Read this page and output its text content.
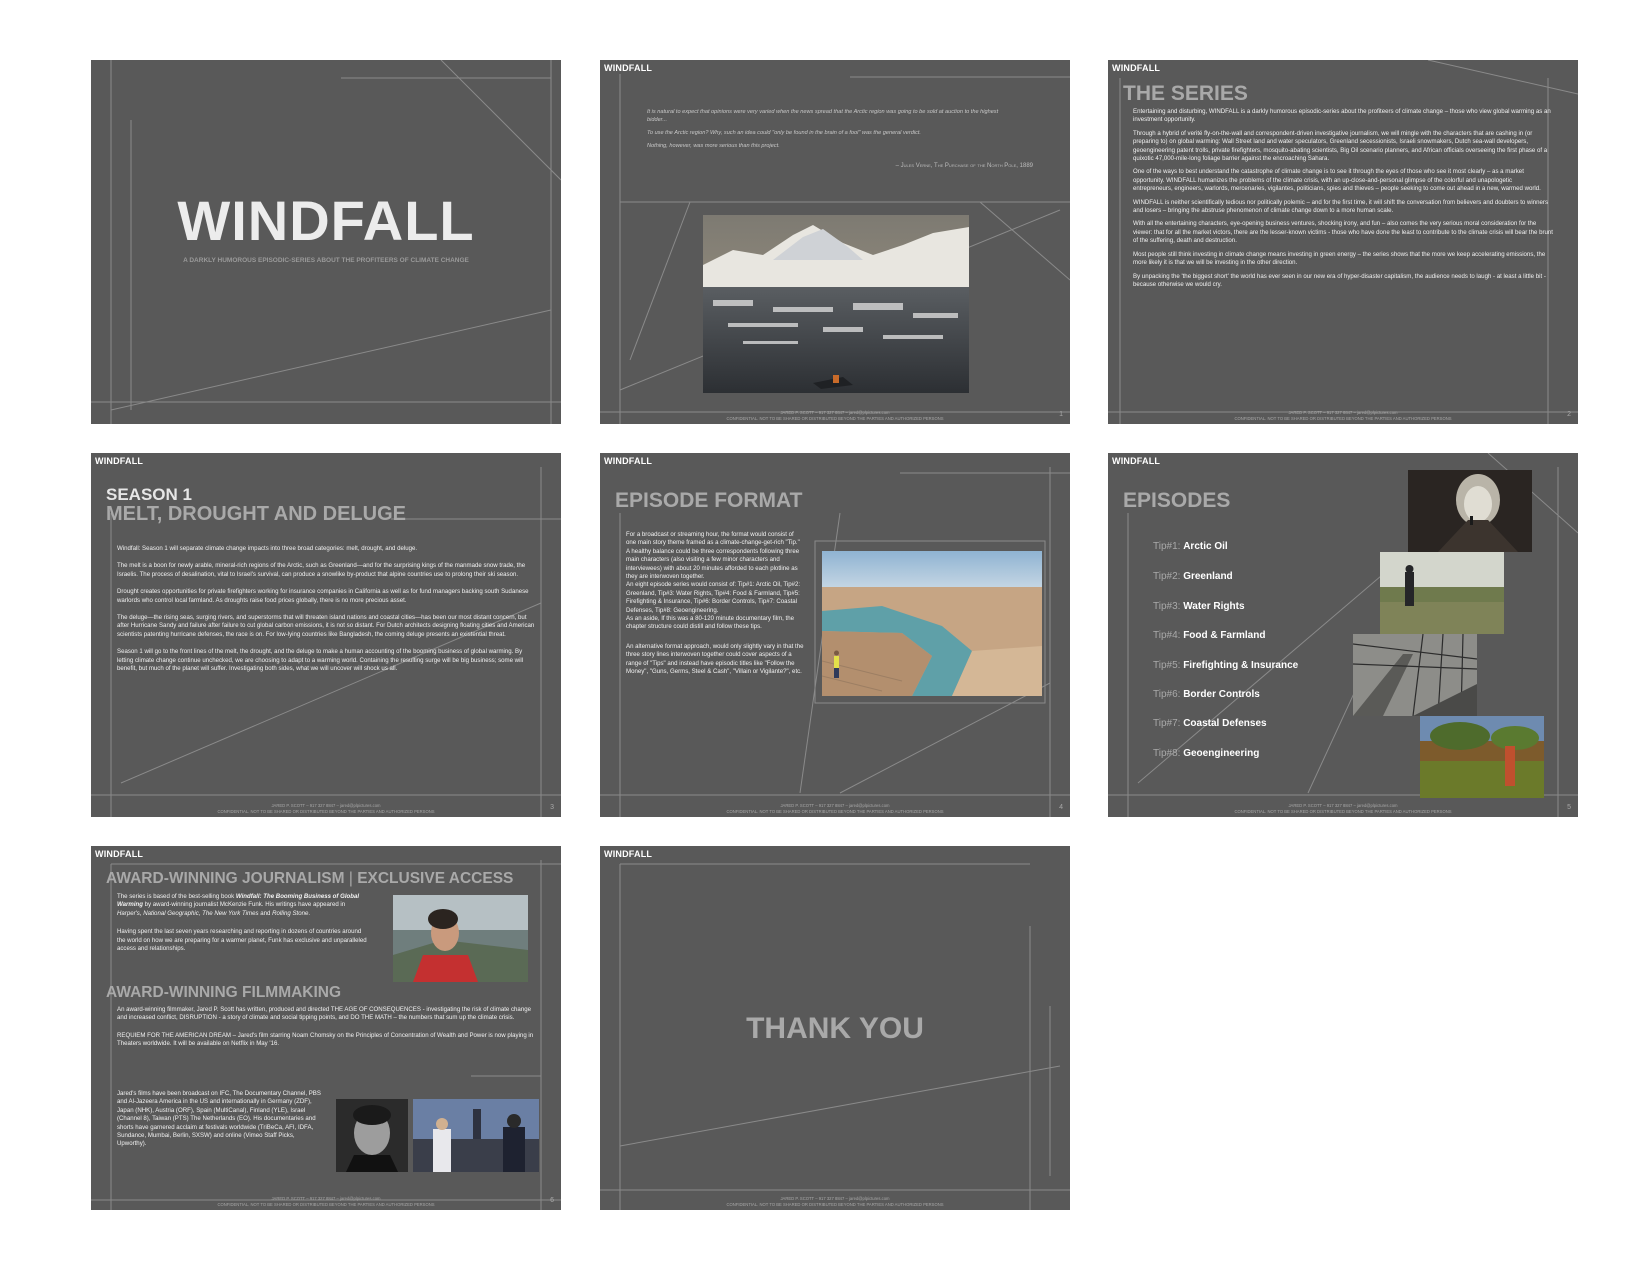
WINDFALL
A DARKLY HUMOROUS EPISODIC-SERIES ABOUT THE PROFITEERS OF CLIMATE CHANGE
WINDFALL
It is natural to expect that opinions were very varied when the news spread that the Arctic region was going to be sold at auction to the highest bidder...
To use the Arctic region? Why, such an idea could "only be found in the brain of a fool" was the general verdict.
Nothing, however, was more serious than this project.
– Jules Verne, The Purchase of the North Pole, 1889
JARED P. SCOTT – 917 327 8847 – jared@plpictures.com
CONFIDENTIAL. NOT TO BE SHARED OR DISTRIBUTED BEYOND THE PARTIES AND AUTHORIZED PERSONS	1
WINDFALL
THE SERIES

Entertaining and disturbing, WINDFALL is a darkly humorous episodic-series about the profiteers of climate change – those who view global warming as an investment opportunity.

Through a hybrid of verité fly-on-the-wall and correspondent-driven investigative journalism, we will mingle with the characters that are cashing in (or preparing to) on global warming: Wall Street land and water speculators, Greenland secessionists, Israeli snowmakers, Dutch sea-wall developers, geoengineering patent trolls, private firefighters, mosquito-abating scientists, Big Oil scenario planners, and African officials overseeing the first phase of a quixotic 47,000-mile-long foliage barrier against the encroaching Sahara.

One of the ways to best understand the catastrophe of climate change is to see it through the eyes of those who see it most clearly – as a market opportunity. WINDFALL humanizes the problems of the climate crisis, with an up-close-and-personal glimpse of the colorful and unapologetic entrepreneurs, engineers, warlords, mercenaries, vigilantes, politicians, spies and thieves – people seeking to come out ahead in a new, warmed world.

WINDFALL is neither scientifically tedious nor politically polemic – and for the first time, it will shift the conversation from believers and doubters to winners and losers – bringing the abstruse phenomenon of climate change down to a more human scale.

With all the entertaining characters, eye-opening business ventures, shocking irony, and fun – also comes the very serious moral consideration for the viewer: that for all the market victors, there are the lesser-known victims - those who have done the least to contribute to the climate crisis will bear the brunt of the suffering, death and destruction.

Most people still think investing in climate change means investing in green energy – the series shows that the more we keep accelerating emissions, the more likely it is that we will be investing in the other direction.

By unpacking the 'the biggest short' the world has ever seen in our new era of hyper-disaster capitalism, the audience needs to laugh - at least a little bit - because otherwise we would cry.

JARED P. SCOTT – 917 327 8847 – jared@plpictures.com
CONFIDENTIAL. NOT TO BE SHARED OR DISTRIBUTED BEYOND THE PARTIES AND AUTHORIZED PERSONS	2
WINDFALL
SEASON 1
MELT, DROUGHT AND DELUGE

Windfall: Season 1 will separate climate change impacts into three broad categories: melt, drought, and deluge.

The melt is a boon for newly arable, mineral-rich regions of the Arctic, such as Greenland—and for the surprising kings of the manmade snow trade, the Israelis. The process of desalination, vital to Israel's survival, can produce a snowlike by-product that alpine countries use to prolong their ski season.

Drought creates opportunities for private firefighters working for insurance companies in California as well as for fund managers backing south Sudanese warlords who control local farmland. As droughts raise food prices globally, there is no more precious asset.

The deluge—the rising seas, surging rivers, and superstorms that will threaten island nations and coastal cities—has been our most distant concern, but after Hurricane Sandy and failure after failure to cut global carbon emissions, it is not so distant. For Dutch architects designing floating cities and American scientists patenting hurricane defenses, the race is on. For low-lying countries like Bangladesh, the coming deluge presents an existential threat.

Season 1 will go to the front lines of the melt, the drought, and the deluge to make a human accounting of the booming business of global warming. By letting climate change continue unchecked, we are choosing to adapt to a warming world. Containing the resulting surge will be big business; some will benefit, but much of the planet will suffer. Investigating both sides, what we will uncover will shock us all.

JARED P. SCOTT – 917 327 8847 – jared@plpictures.com
CONFIDENTIAL. NOT TO BE SHARED OR DISTRIBUTED BEYOND THE PARTIES AND AUTHORIZED PERSONS	3
WINDFALL
EPISODE FORMAT

For a broadcast or streaming hour, the format would consist of one main story theme framed as a climate-change-get-rich "Tip."
A healthy balance could be three correspondents following three main characters (also visiting a few minor characters and interviewees) with about 20 minutes afforded to each plotline as they are interwoven together.
An eight episode series would consist of: Tip#1: Arctic Oil, Tip#2: Greenland, Tip#3: Water Rights, Tip#4: Food & Farmland, Tip#5: Firefighting & Insurance, Tip#6: Border Controls, Tip#7: Coastal Defenses, Tip#8: Geoengineering.
As an aside, If this was a 80-120 minute documentary film, the chapter structure could distill and follow these tips.

An alternative format approach, would only slightly vary in that the three story lines interwoven together could cover aspects of a range of "Tips" and instead have episodic titles like "Follow the Money", "Guns, Germs, Steel & Cash", "Villain or Vigilante?", etc.

JARED P. SCOTT – 917 327 8847 – jared@plpictures.com
CONFIDENTIAL. NOT TO BE SHARED OR DISTRIBUTED BEYOND THE PARTIES AND AUTHORIZED PERSONS	4
WINDFALL
EPISODES
Tip#1: Arctic Oil
Tip#2: Greenland
Tip#3: Water Rights
Tip#4: Food & Farmland
Tip#5: Firefighting & Insurance
Tip#6: Border Controls
Tip#7: Coastal Defenses
Tip#8: Geoengineering
JARED P. SCOTT – 917 327 8847 – jared@plpictures.com
CONFIDENTIAL. NOT TO BE SHARED OR DISTRIBUTED BEYOND THE PARTIES AND AUTHORIZED PERSONS	5
WINDFALL
AWARD-WINNING JOURNALISM | EXCLUSIVE ACCESS

The series is based of the best-selling book Windfall: The Booming Business of Global Warming by award-winning journalist McKenzie Funk. His writings have appeared in Harper's, National Geographic, The New York Times and Rolling Stone.

Having spent the last seven years researching and reporting in dozens of countries around the world on how we are preparing for a warmer planet, Funk has exclusive and unparalleled access and relationships.

AWARD-WINNING FILMMAKING

An award-winning filmmaker, Jared P. Scott has written, produced and directed THE AGE OF CONSEQUENCES - investigating the risk of climate change and increased conflict, DISRUPTION - a story of climate and social tipping points, and DO THE MATH – the numbers that sum up the climate crisis.

REQUIEM FOR THE AMERICAN DREAM – Jared's film starring Noam Chomsky on the Principles of Concentration of Wealth and Power is now playing in Theaters worldwide. It will be available on Netflix in May '16.

Jared's films have been broadcast on IFC, The Documentary Channel, PBS and Al-Jazeera America in the US and internationally in Germany (ZDF), Japan (NHK), Austria (ORF), Spain (MultiCanal), Finland (YLE), Israel (Channel 8), Taiwan (PTS) The Netherlands (EO). His documentaries and shorts have garnered acclaim at festivals worldwide (TriBeCa, AFI, IDFA, Sundance, Mumbai, Berlin, SXSW) and online (Vimeo Staff Picks, Upworthy).

JARED P. SCOTT – 917 327 8847 – jared@plpictures.com
CONFIDENTIAL. NOT TO BE SHARED OR DISTRIBUTED BEYOND THE PARTIES AND AUTHORIZED PERSONS	6
WINDFALL
THANK YOU
JARED P. SCOTT – 917 327 8847 – jared@plpictures.com
CONFIDENTIAL. NOT TO BE SHARED OR DISTRIBUTED BEYOND THE PARTIES AND AUTHORIZED PERSONS
